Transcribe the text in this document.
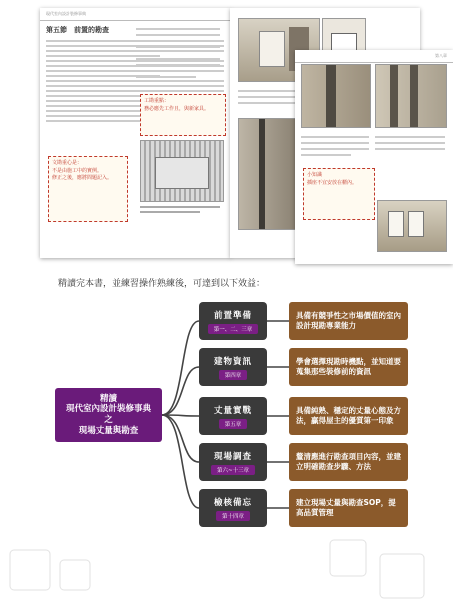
現代室內設計裝修事典
第五節　前置的勘查
文勘重心是：
不是由施工中的實例。
修正之後，應將問題記入。
工勘重點：
務必應先工作且，與新家具。
第八章
小知識
插座不宜安放在櫃內。
精讀完本書，並練習操作熟練後，可達到以下效益：
精讀
現代室內設計裝修事典
之
現場丈量與勘查
前置準備
第一、二、三章
建物資訊
第四章
丈量實戰
第五章
現場調查
第六~十三章
檢核備忘
第十四章
具備有競爭性之市場價值的室內設計現勘專業能力
學會選擇現勘時機點，並知道要蒐集那些裝修前的資訊
具備純熟、穩定的丈量心態及方法，贏得屋主的優質第一印象
釐清應進行勘查項目內容，並建立明確勘查步驟、方法
建立現場丈量與勘查SOP，提高品質管理
